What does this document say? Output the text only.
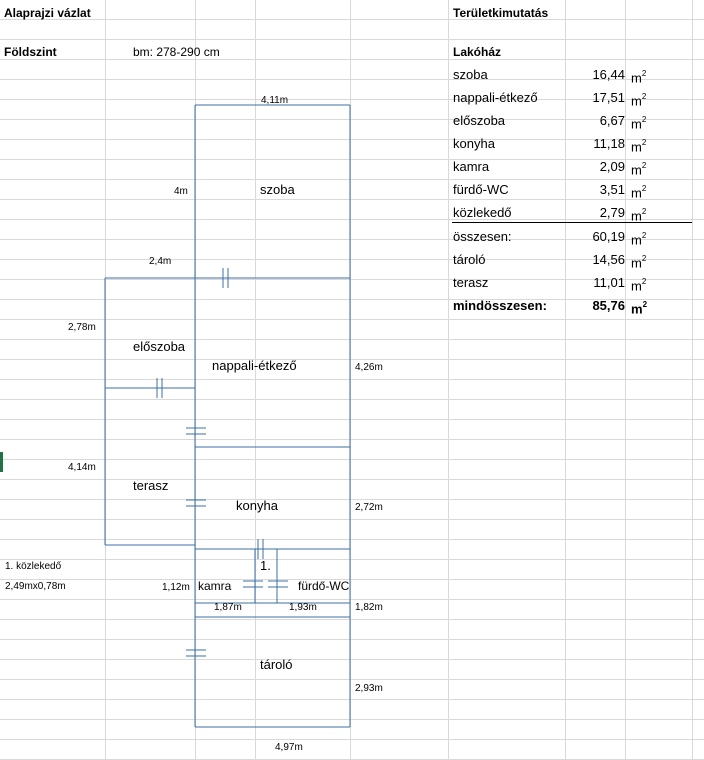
Alaprajzi vázlat
Földszint	bm: 278-290 cm
4,11m
4m
2,4m
2,78m
4,26m
4,14m
2,72m
1,12m
1,87m	1,93m	1,82m
2,93m
4,97m
szoba
előszoba
nappali-étkező
terasz
konyha
1.
kamra	fürdő-WC
tároló
1. közlekedő
2,49mx0,78m
Területkimutatás
Lakóház
szoba	16,44 $m^2$
nappali-étkező	17,51 $m^2$
előszoba	6,67 $m^2$
konyha	11,18 $m^2$
kamra	2,09 $m^2$
fürdő-WC	3,51 $m^2$
közlekedő	2,79 $m^2$
összesen:	60,19 $m^2$
tároló	14,56 $m^2$
terasz	11,01 $m^2$
mindösszesen:	85,76 $m^2$
